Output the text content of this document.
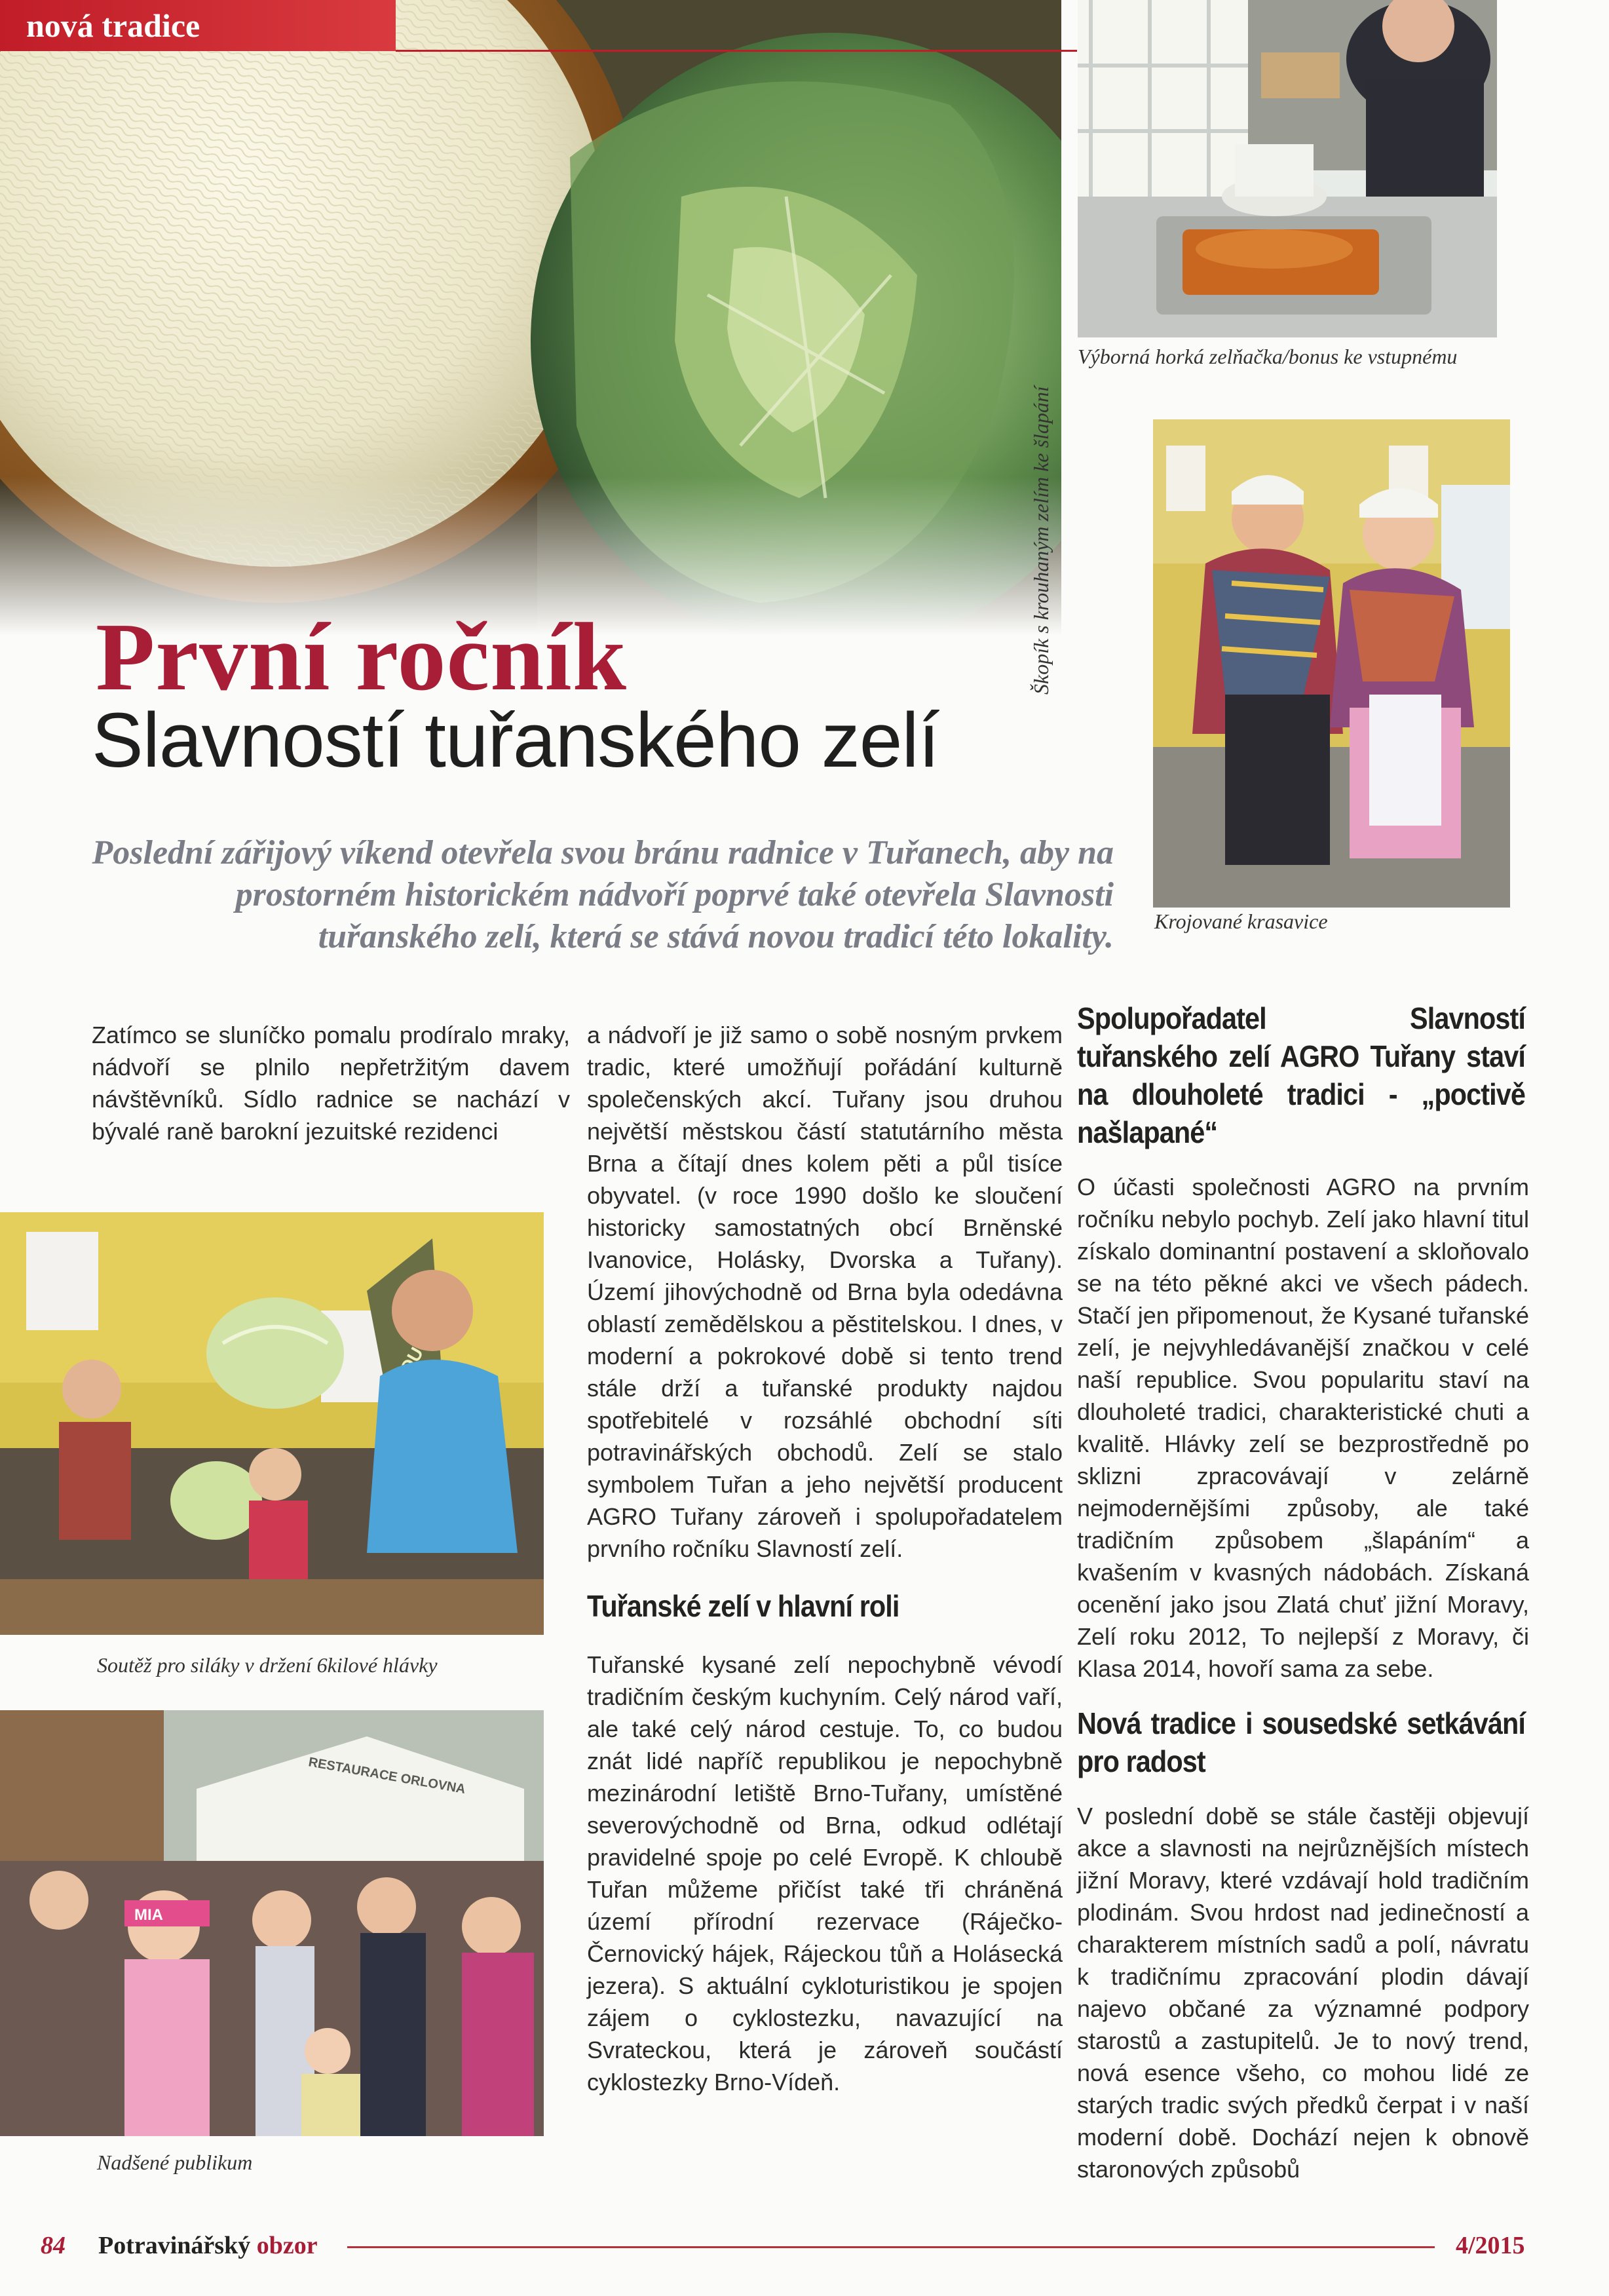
nová tradice
Škopík s krouhaným zelím ke šlapání
Výborná horká zelňačka/bonus ke vstupnému
Krojované krasavice
První ročník
Slavností tuřanského zelí
Poslední zářijový víkend otevřela svou bránu radnice v Tuřanech, aby na prostorném historickém nádvoří poprvé také otevřela Slavnosti tuřanského zelí, která se stává novou tradicí této lokality.

Zatímco se sluníčko pomalu prodíralo mraky, nádvoří se plnilo nepřetržitým davem návštěvníků. Sídlo radnice se nachází v bývalé raně barokní jezuitské rezidenci

Soutěž pro siláky v držení 6kilové hlávky
RESTAURACE ORLOVNA
MIA
Nadšené publikum

a nádvoří je již samo o sobě nosným prvkem tradic, které umožňují pořádání kulturně společenských akcí. Tuřany jsou druhou největší městskou částí statutárního města Brna a čítají dnes kolem pěti a půl tisíce obyvatel. (v roce 1990 došlo ke sloučení historicky samostatných obcí Brněnské Ivanovice, Holásky, Dvorska a Tuřany). Území jihovýchodně od Brna byla odedávna oblastí zemědělskou a pěstitelskou. I dnes, v moderní a pokrokové době si tento trend stále drží a tuřanské produkty najdou spotřebitelé v rozsáhlé obchodní síti potravinářských obchodů. Zelí se stalo symbolem Tuřan a jeho největší producent AGRO Tuřany zároveň i spolupořadatelem prvního ročníku Slavností zelí.

Tuřanské zelí v hlavní roli

Tuřanské kysané zelí nepochybně vévodí tradičním českým kuchyním. Celý národ vaří, ale také celý národ cestuje. To, co budou znát lidé napříč republikou je nepochybně mezinárodní letiště Brno-Tuřany, umístěné severovýchodně od Brna, odkud odlétají pravidelné spoje po celé Evropě. K chloubě Tuřan můžeme přičíst také tři chráněná území přírodní rezervace (Ráječko-Černovický hájek, Rájeckou tůň a Holásecká jezera). S aktuální cykloturistikou je spojen zájem o cyklostezku, navazující na Svrateckou, která je zároveň součástí cyklostezky Brno-Vídeň.

Spolupořadatel Slavností tuřanského zelí AGRO Tuřany staví na dlouholeté tradici - „poctivě našlapané“

O účasti společnosti AGRO na prvním ročníku nebylo pochyb. Zelí jako hlavní titul získalo dominantní postavení a skloňovalo se na této pěkné akci ve všech pádech. Stačí jen připomenout, že Kysané tuřanské zelí, je nejvyhledávanější značkou v celé naší republice. Svou popularitu staví na dlouholeté tradici, charakteristické chuti a kvalitě. Hlávky zelí se bezprostředně po sklizni zpracovávají v zelárně nejmodernějšími způsoby, ale také tradičním způsobem „šlapáním“ a kvašením v kvasných nádobách. Získaná ocenění jako jsou Zlatá chuť jižní Moravy, Zelí roku 2012, To nejlepší z Moravy, či Klasa 2014, hovoří sama za sebe.

Nová tradice i sousedské setkávání pro radost

V poslední době se stále častěji objevují akce a slavnosti na nejrůznějších místech jižní Moravy, které vzdávají hold tradičním plodinám. Svou hrdost nad jedinečností a charakterem místních sadů a polí, návratu k tradičnímu zpracování plodin dávají najevo občané za významné podpory starostů a zastupitelů. Je to nový trend, nová esence všeho, co mohou lidé ze starých tradic svých předků čerpat i v naší moderní době. Dochází nejen k obnově staronových způsobů

84 Potravinářský obzor	4/2015
